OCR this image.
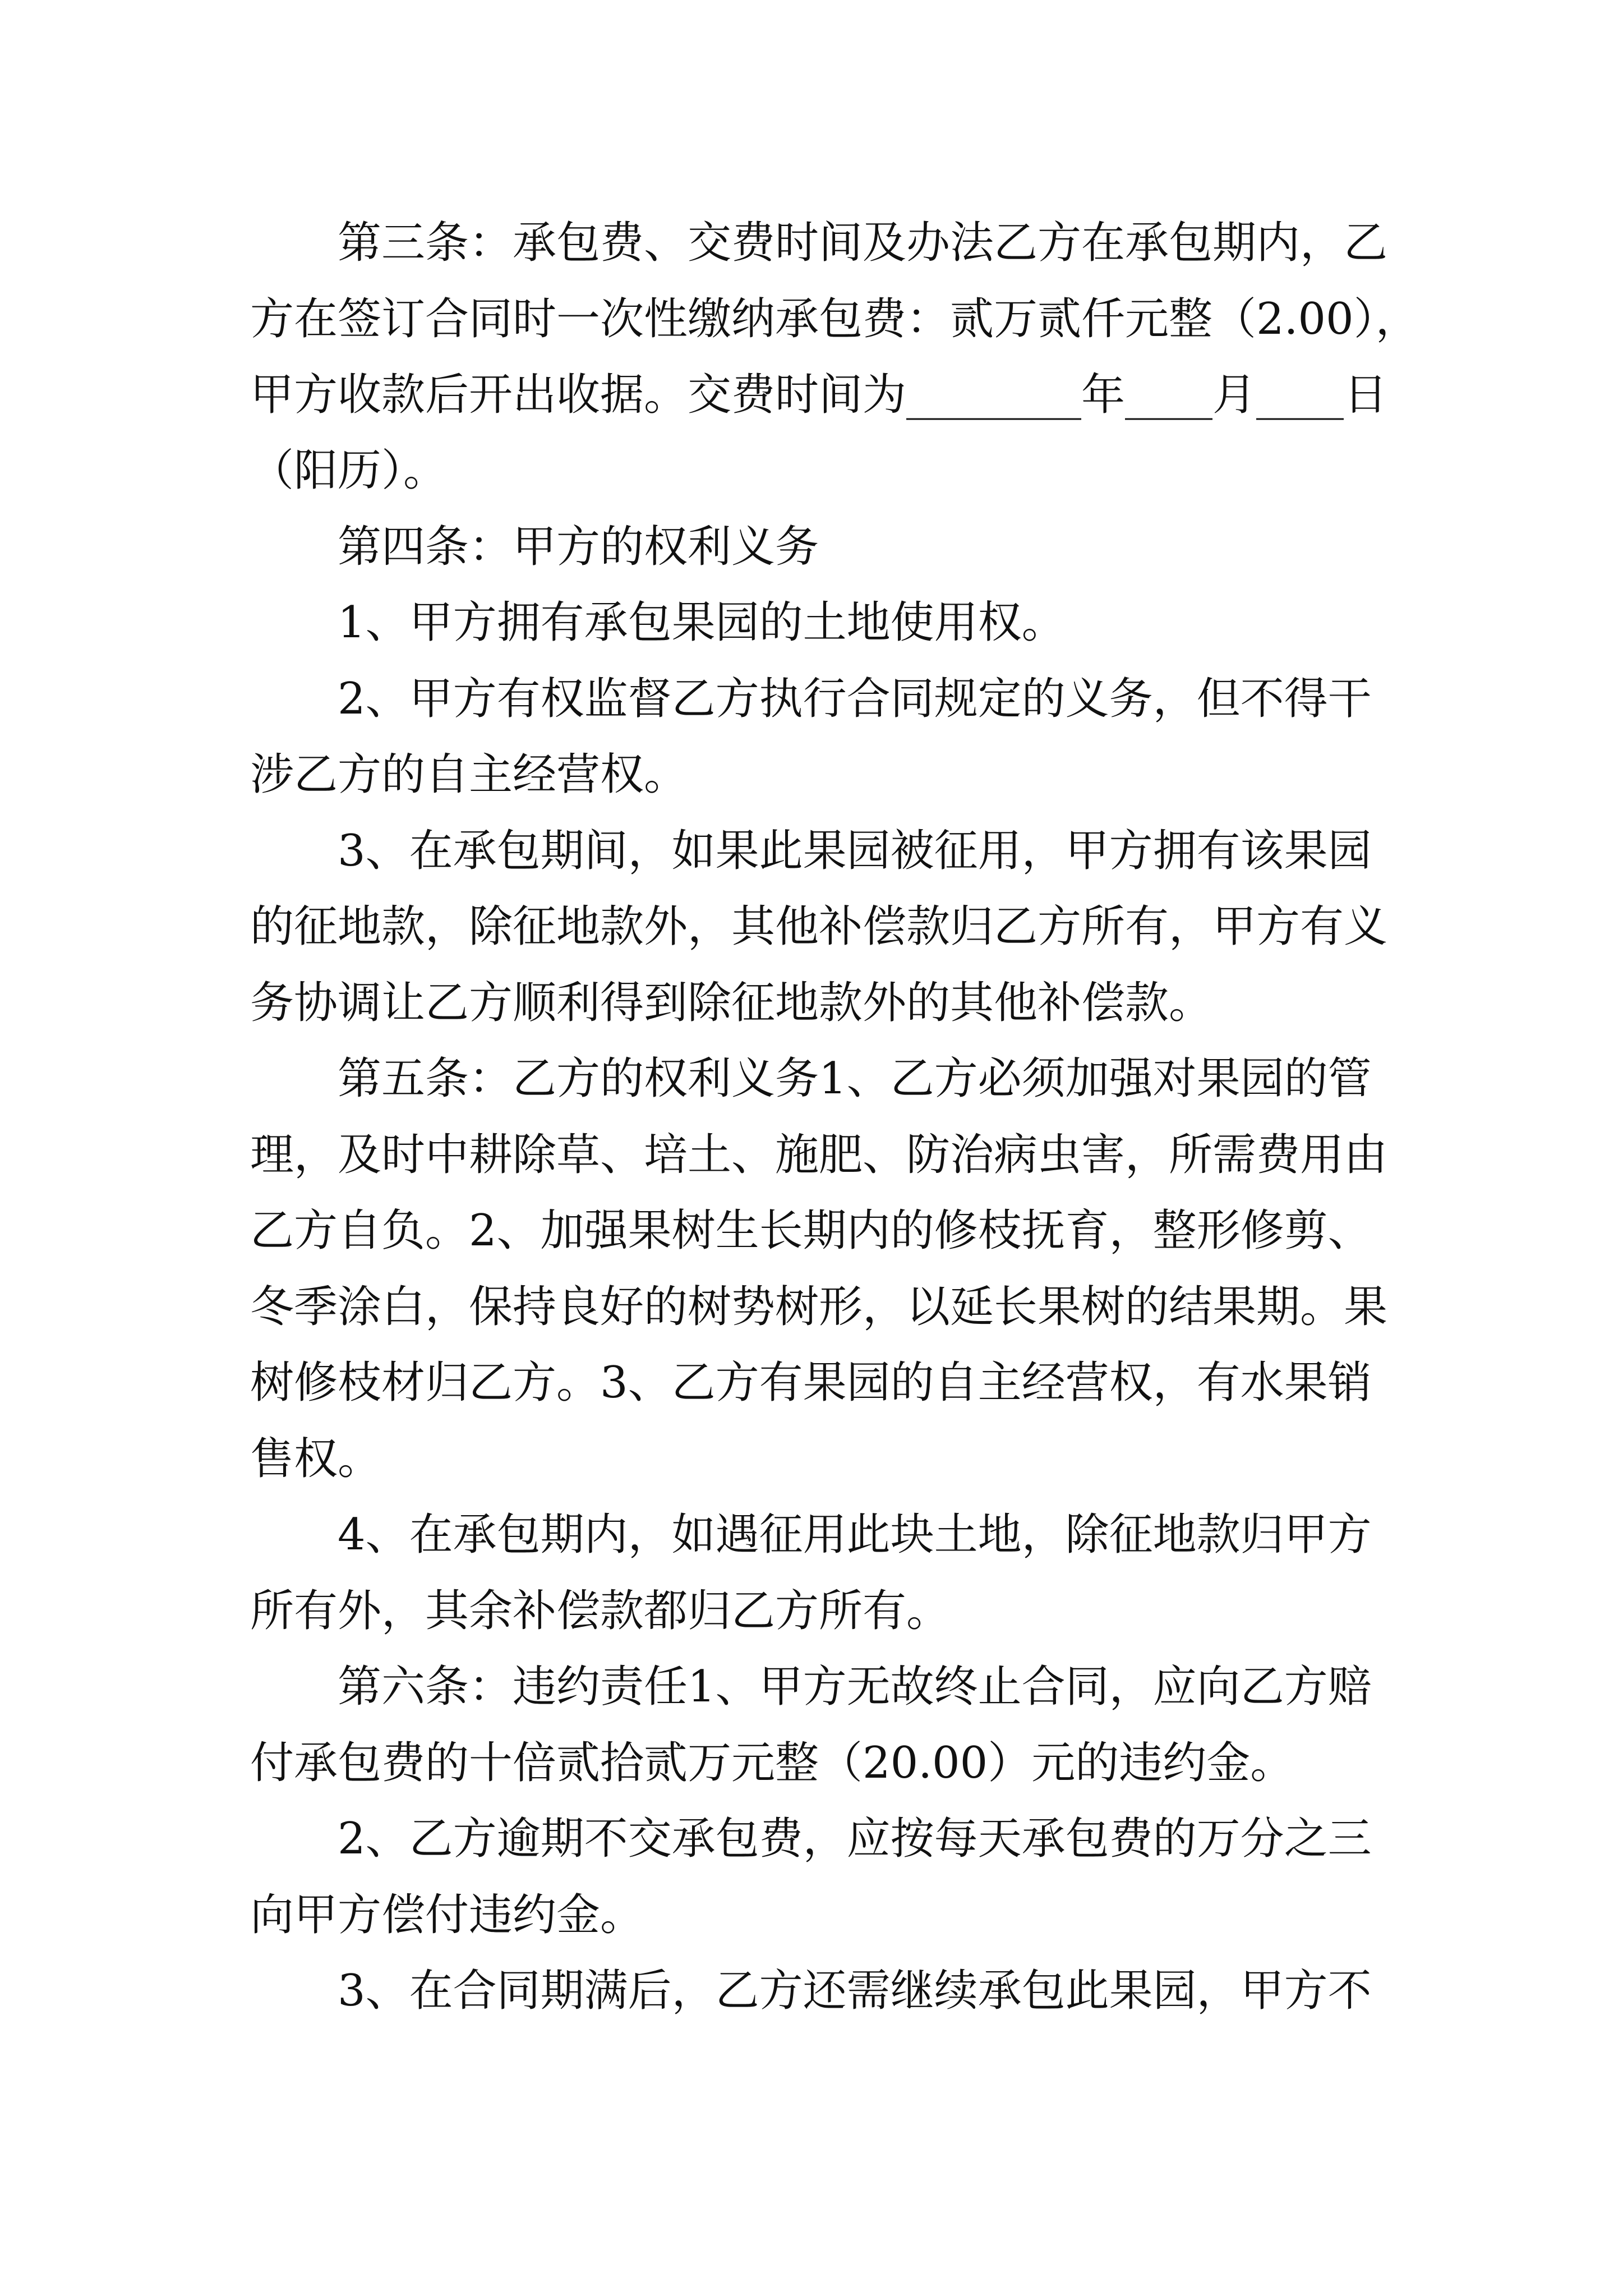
　　第三条：承包费、交费时间及办法乙方在承包期内，乙

方在签订合同时一次性缴纳承包费：贰万贰仟元整（2.00），

甲方收款后开出收据。交费时间为________年____月____日

（阳历）。

　　第四条：甲方的权利义务

　　1、甲方拥有承包果园的土地使用权。

　　2、甲方有权监督乙方执行合同规定的义务，但不得干

涉乙方的自主经营权。

　　3、在承包期间，如果此果园被征用，甲方拥有该果园

的征地款，除征地款外，其他补偿款归乙方所有，甲方有义

务协调让乙方顺利得到除征地款外的其他补偿款。

　　第五条：乙方的权利义务1、乙方必须加强对果园的管

理，及时中耕除草、培土、施肥、防治病虫害，所需费用由

乙方自负。2、加强果树生长期内的修枝抚育，整形修剪、

冬季涂白，保持良好的树势树形，以延长果树的结果期。果

树修枝材归乙方。3、乙方有果园的自主经营权，有水果销

售权。

　　4、在承包期内，如遇征用此块土地，除征地款归甲方

所有外，其余补偿款都归乙方所有。

　　第六条：违约责任1、甲方无故终止合同，应向乙方赔

付承包费的十倍贰拾贰万元整（20.00）元的违约金。

　　2、乙方逾期不交承包费，应按每天承包费的万分之三

向甲方偿付违约金。

　　3、在合同期满后，乙方还需继续承包此果园，甲方不
